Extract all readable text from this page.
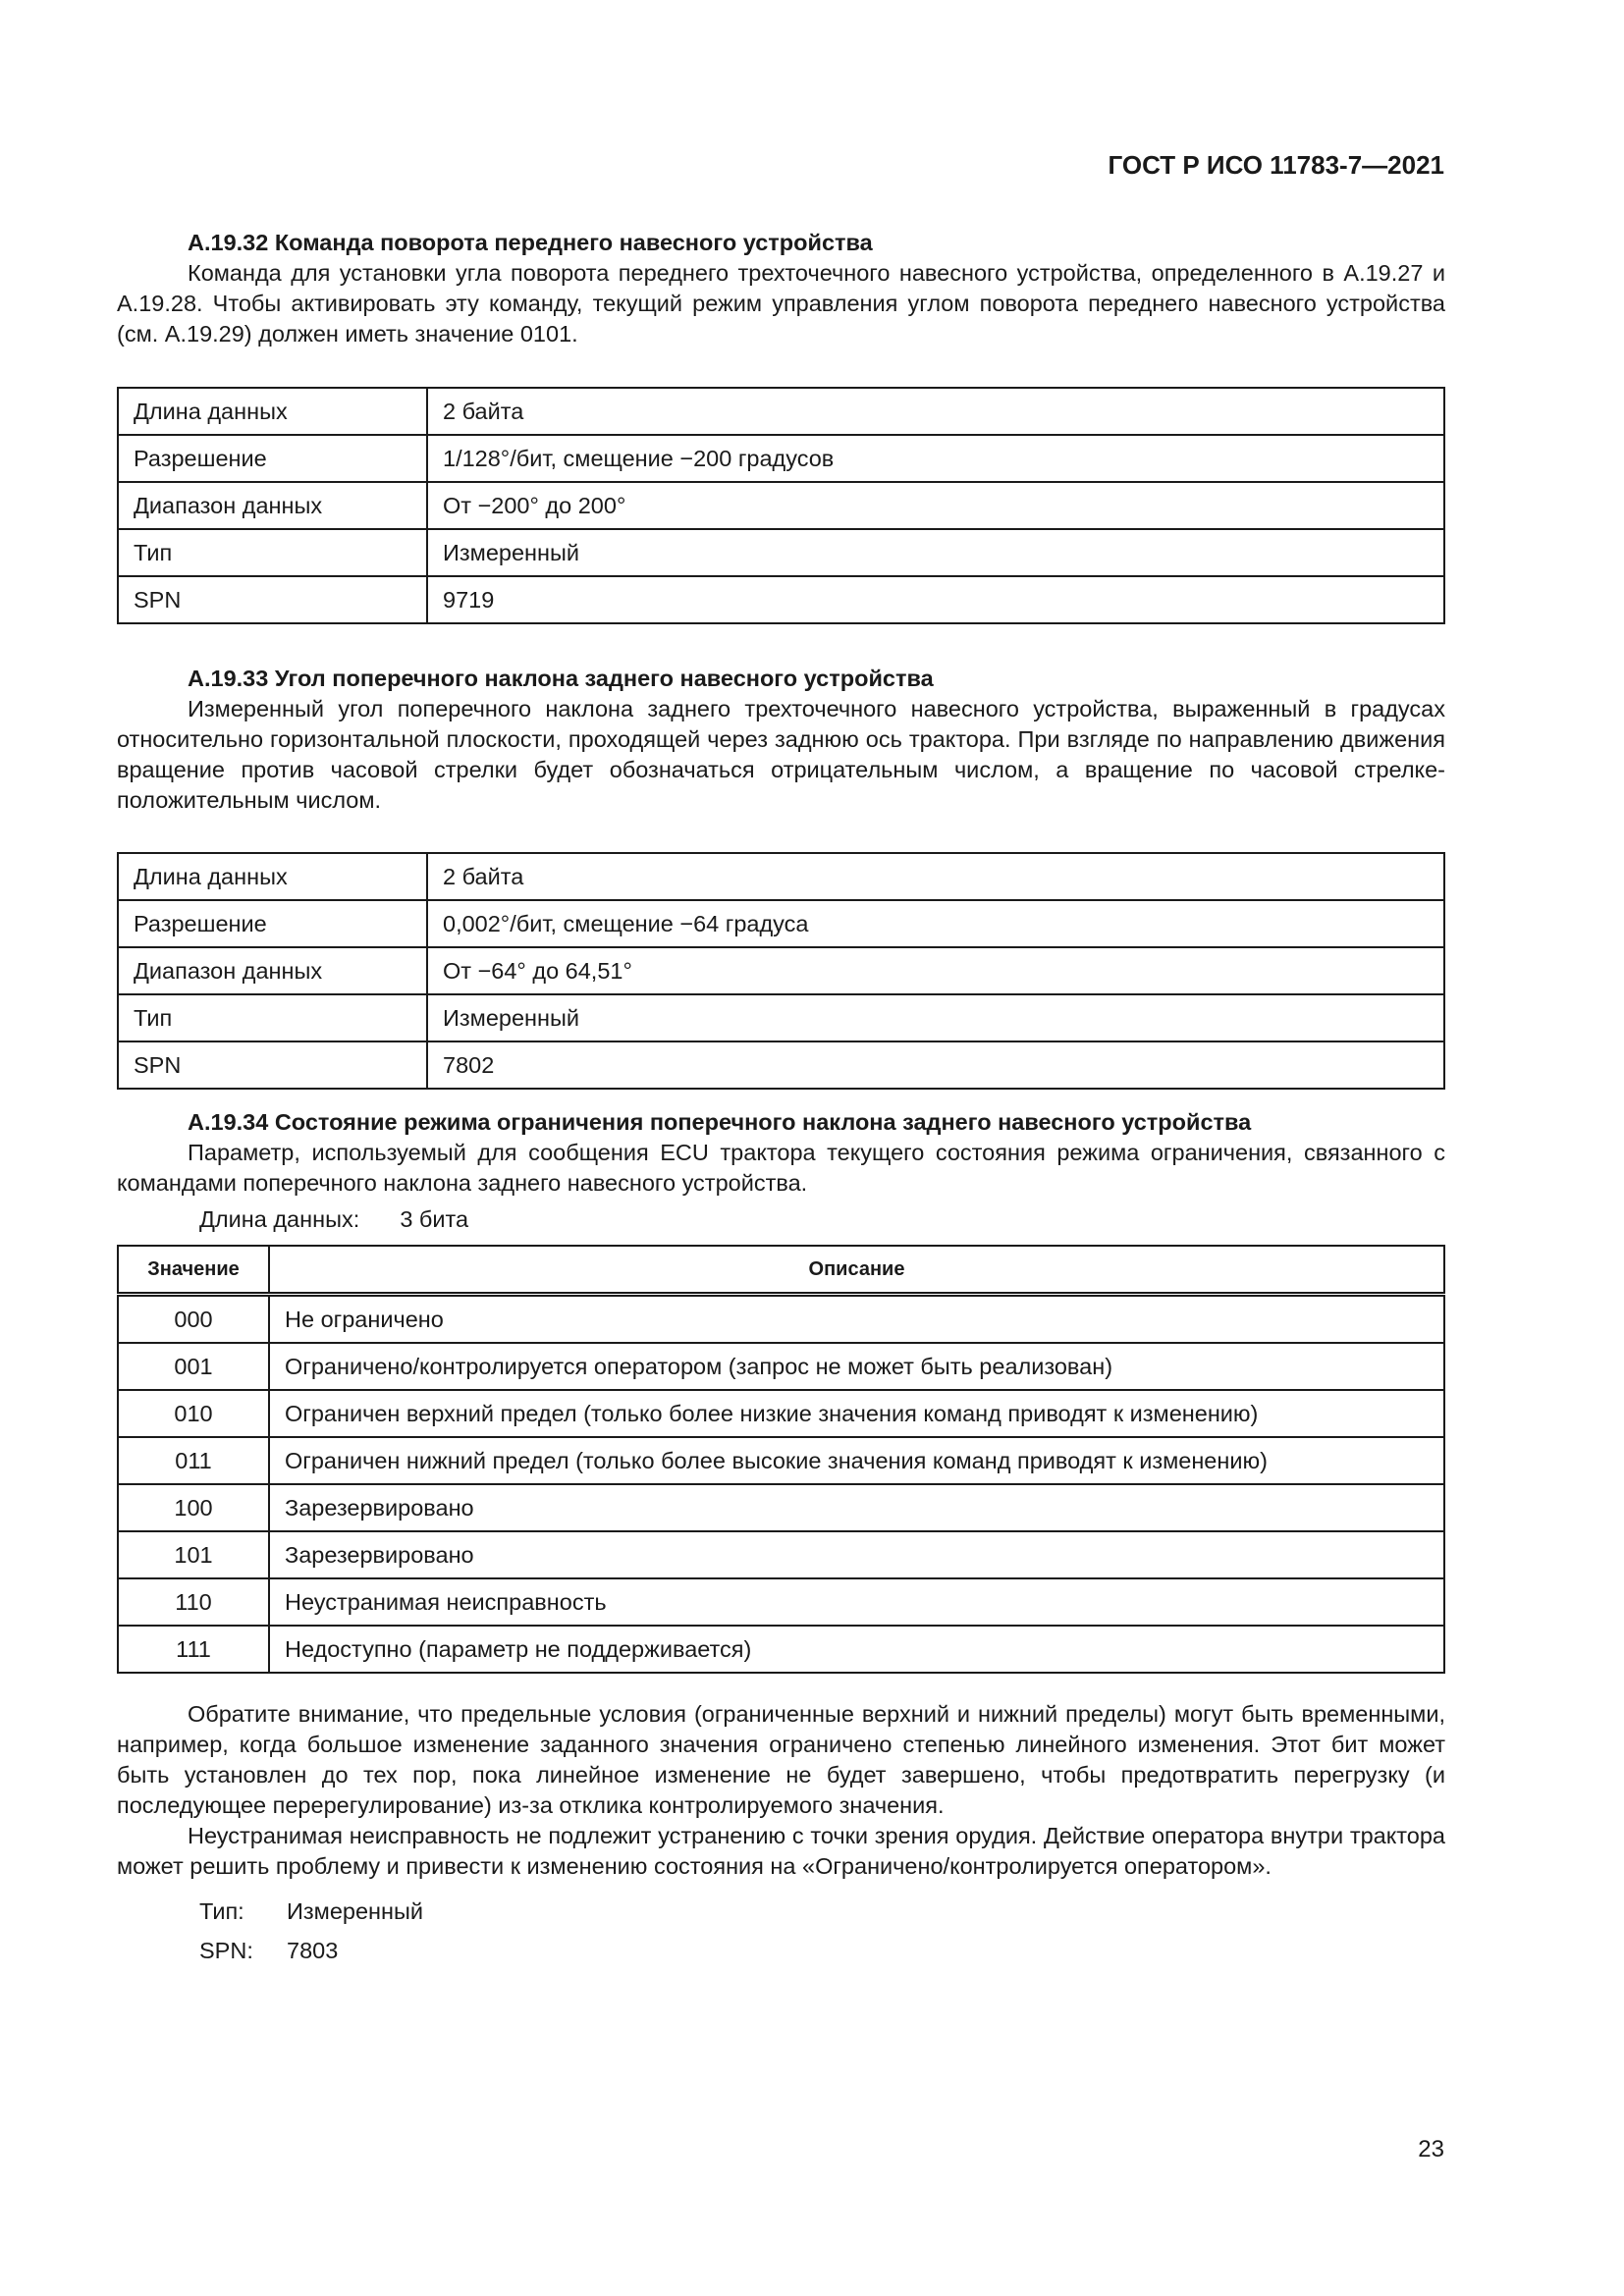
ГОСТ Р ИСО 11783-7—2021
А.19.32 Команда поворота переднего навесного устройства

Команда для установки угла поворота переднего трехточечного навесного устройства, определенного в А.19.27 и А.19.28. Чтобы активировать эту команду, текущий режим управления углом поворота переднего навесного устройства (см. А.19.29) должен иметь значение 0101.

Длина данных	2 байта
Разрешение	1/128°/бит, смещение −200 градусов
Диапазон данных	От −200° до 200°
Тип	Измеренный
SPN	9719
А.19.33 Угол поперечного наклона заднего навесного устройства

Измеренный угол поперечного наклона заднего трехточечного навесного устройства, выраженный в градусах относительно горизонтальной плоскости, проходящей через заднюю ось трактора. При взгляде по направлению движения вращение против часовой стрелки будет обозначаться отрицательным числом, а вращение по часовой стрелке-положительным числом.

Длина данных	2 байта
Разрешение	0,002°/бит, смещение −64 градуса
Диапазон данных	От −64° до 64,51°
Тип	Измеренный
SPN	7802
А.19.34 Состояние режима ограничения поперечного наклона заднего навесного устройства

Параметр, используемый для сообщения ECU трактора текущего состояния режима ограничения, связанного с командами поперечного наклона заднего навесного устройства.

Длина данных: 3 бита
Значение	Описание
000	Не ограничено
001	Ограничено/контролируется оператором (запрос не может быть реализован)
010	Ограничен верхний предел (только более низкие значения команд приводят к изменению)
011	Ограничен нижний предел (только более высокие значения команд приводят к изменению)
100	Зарезервировано
101	Зарезервировано
110	Неустранимая неисправность
111	Недоступно (параметр не поддерживается)

Обратите внимание, что предельные условия (ограниченные верхний и нижний пределы) могут быть временными, например, когда большое изменение заданного значения ограничено степенью линейного изменения. Этот бит может быть установлен до тех пор, пока линейное изменение не будет завершено, чтобы предотвратить перегрузку (и последующее перерегулирование) из-за отклика контролируемого значения.

Неустранимая неисправность не подлежит устранению с точки зрения орудия. Действие оператора внутри трактора может решить проблему и привести к изменению состояния на «Ограничено/контролируется оператором».

Тип: Измеренный
SPN: 7803
23
